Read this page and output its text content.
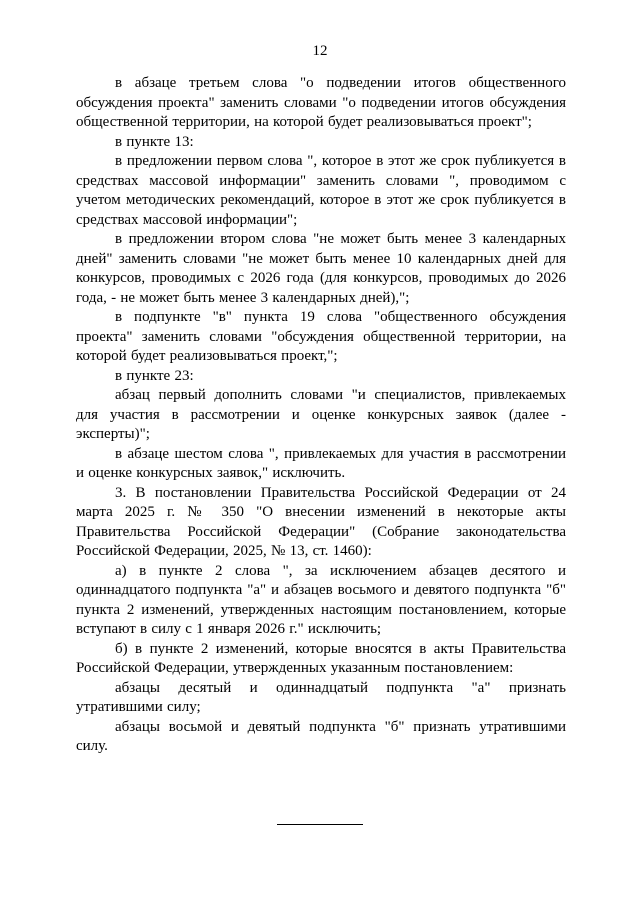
12

в абзаце третьем слова "о подведении итогов общественного обсуждения проекта" заменить словами "о подведении итогов обсуждения общественной территории, на которой будет реализовываться проект";

в пункте 13:

в предложении первом слова ", которое в этот же срок публикуется в средствах массовой информации" заменить словами ", проводимом с учетом методических рекомендаций, которое в этот же срок публикуется в средствах массовой информации";

в предложении втором слова "не может быть менее 3 календарных дней" заменить словами "не может быть менее 10 календарных дней для конкурсов, проводимых с 2026 года (для конкурсов, проводимых до 2026 года, - не может быть менее 3 календарных дней),";

в подпункте "в" пункта 19 слова "общественного обсуждения проекта" заменить словами "обсуждения общественной территории, на которой будет реализовываться проект,";

в пункте 23:

абзац первый дополнить словами "и специалистов, привлекаемых для участия в рассмотрении и оценке конкурсных заявок (далее - эксперты)";

в абзаце шестом слова ", привлекаемых для участия в рассмотрении и оценке конкурсных заявок," исключить.

3. В постановлении Правительства Российской Федерации от 24 марта 2025 г. № 350 "О внесении изменений в некоторые акты Правительства Российской Федерации" (Собрание законодательства Российской Федерации, 2025, № 13, ст. 1460):

а) в пункте 2 слова ", за исключением абзацев десятого и одиннадцатого подпункта "а" и абзацев восьмого и девятого подпункта "б" пункта 2 изменений, утвержденных настоящим постановлением, которые вступают в силу с 1 января 2026 г." исключить;

б) в пункте 2 изменений, которые вносятся в акты Правительства Российской Федерации, утвержденных указанным постановлением:

абзацы десятый и одиннадцатый подпункта "а" признать утратившими силу;

абзацы восьмой и девятый подпункта "б" признать утратившими силу.
